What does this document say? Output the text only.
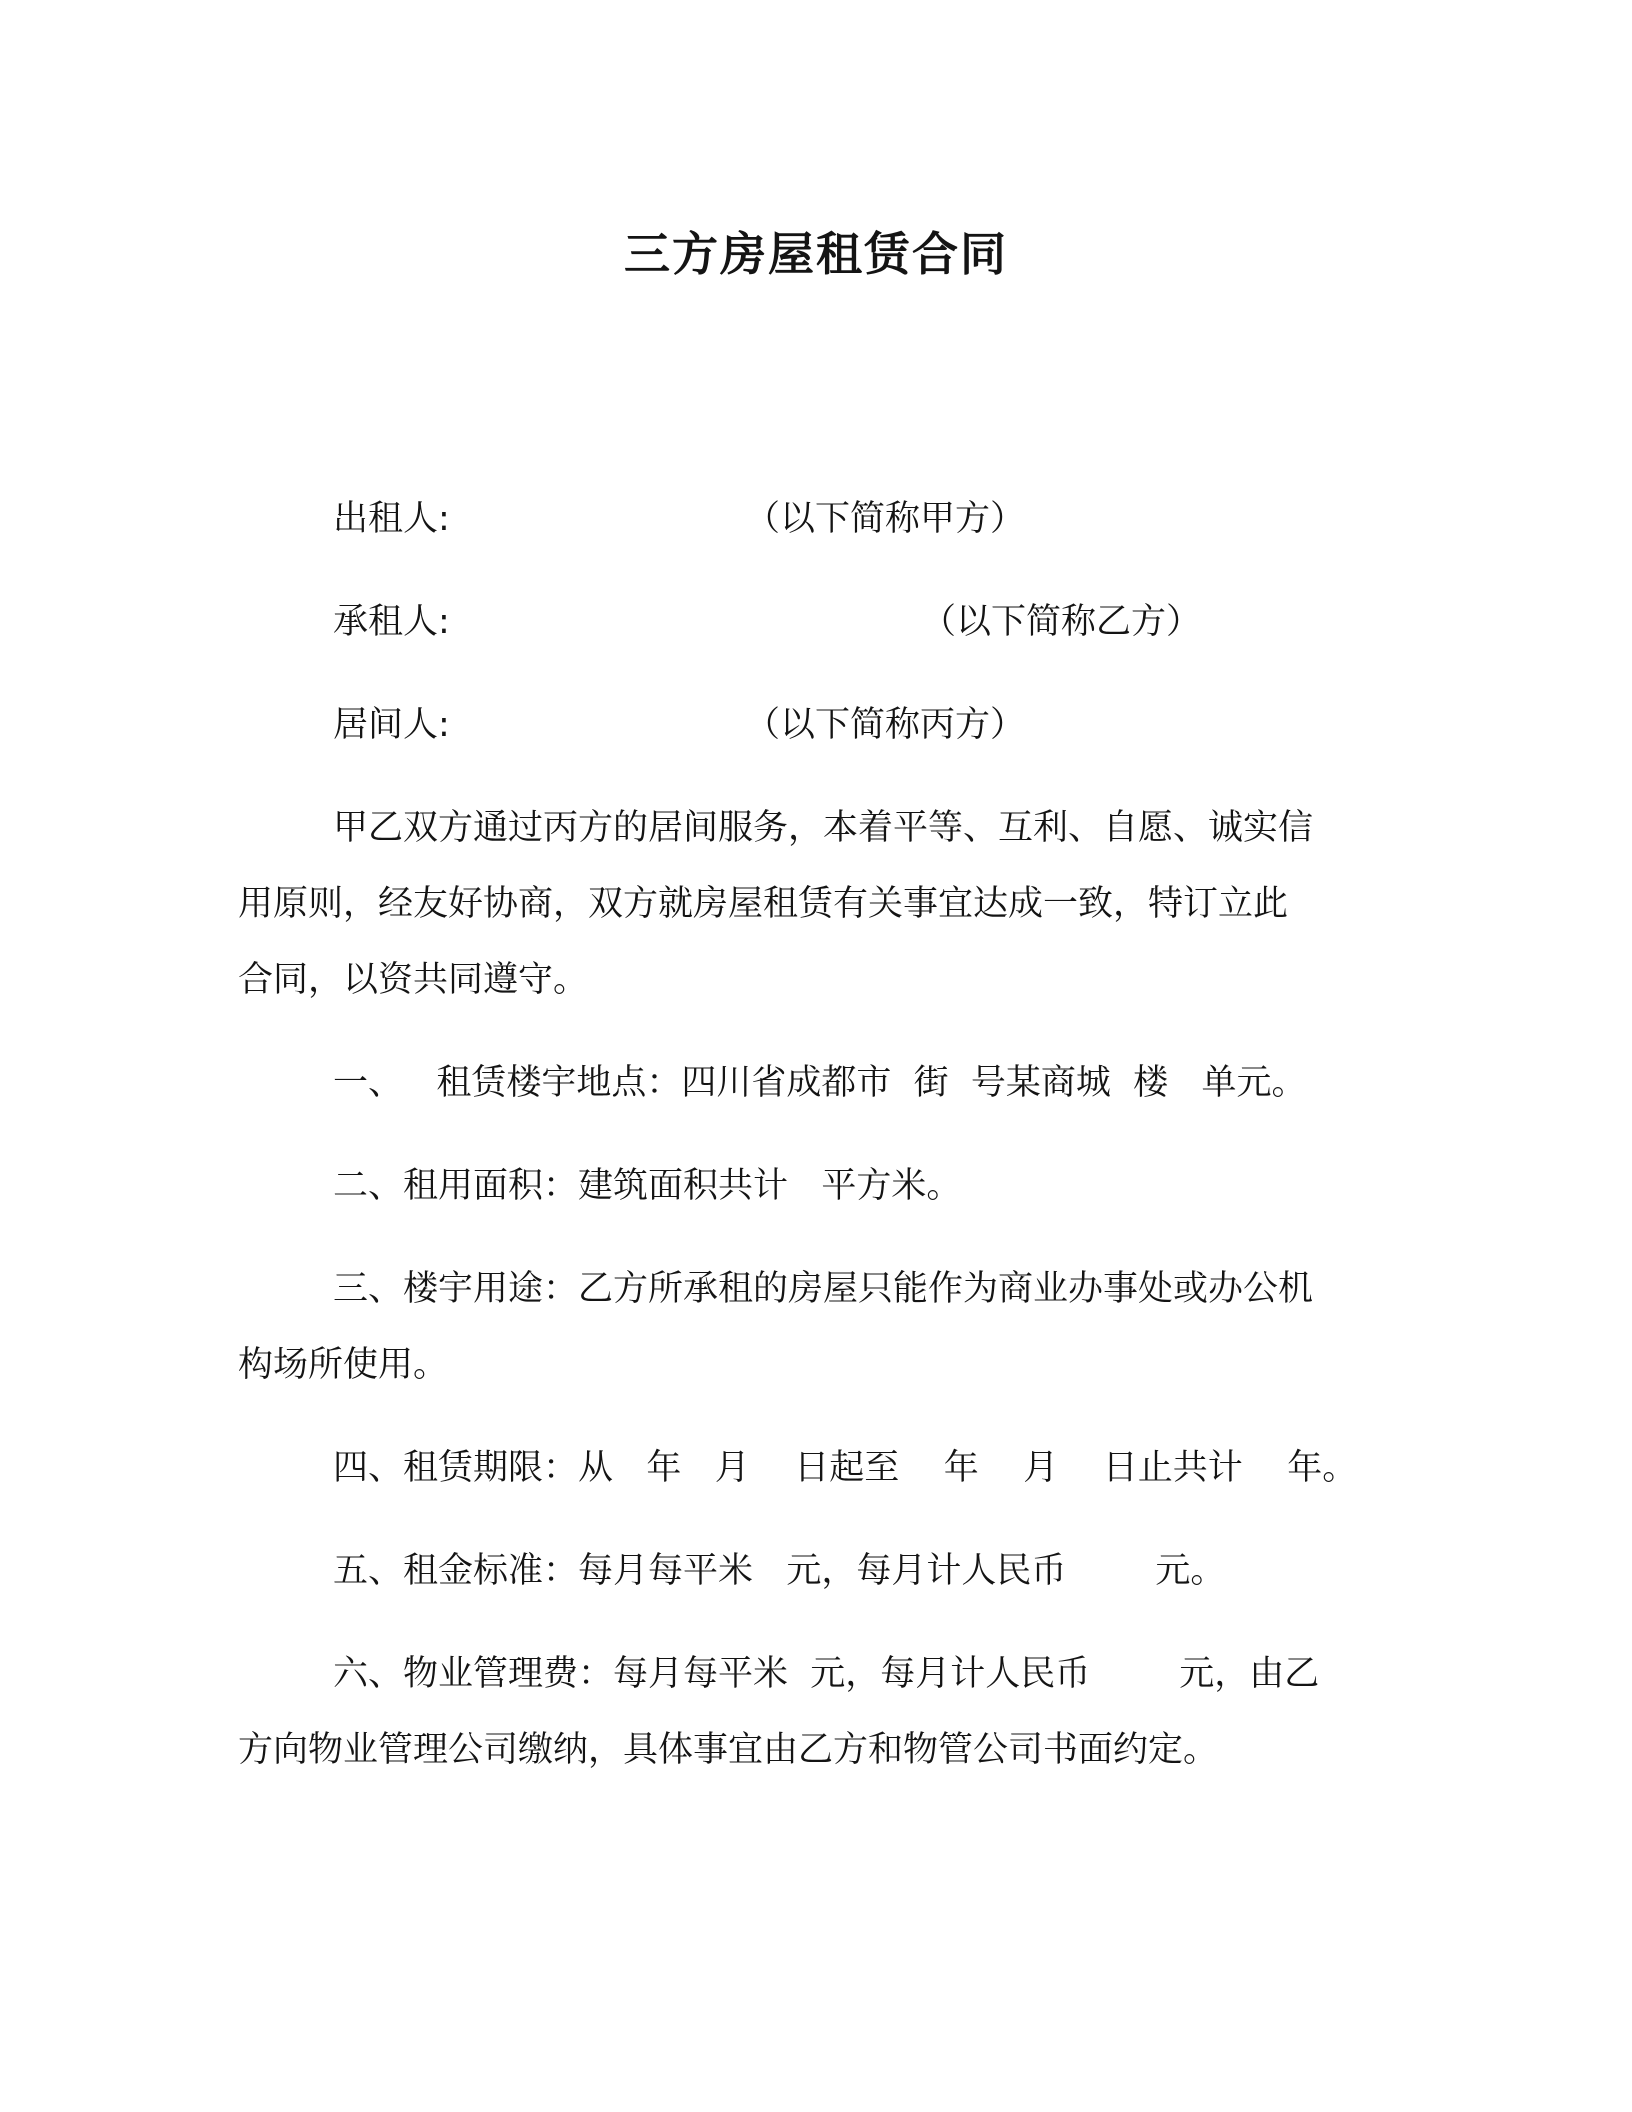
三方房屋租赁合同
出租人:	（以下简称甲方）
承租人:	（以下简称乙方）
居间人:	（以下简称丙方）
甲乙双方通过丙方的居间服务，本着平等、互利、自愿、诚实信
用原则，经友好协商，双方就房屋租赁有关事宜达成一致，特订立此
合同，以资共同遵守。
一、   租赁楼宇地点：四川省成都市  街  号某商城  楼   单元。
二、租用面积：建筑面积共计   平方米。
三、楼宇用途：乙方所承租的房屋只能作为商业办事处或办公机
构场所使用。
四、租赁期限：从   年   月    日起至    年    月    日止共计    年。
五、租金标准：每月每平米   元，每月计人民币        元。
六、物业管理费：每月每平米  元，每月计人民币        元，由乙
方向物业管理公司缴纳，具体事宜由乙方和物管公司书面约定。
